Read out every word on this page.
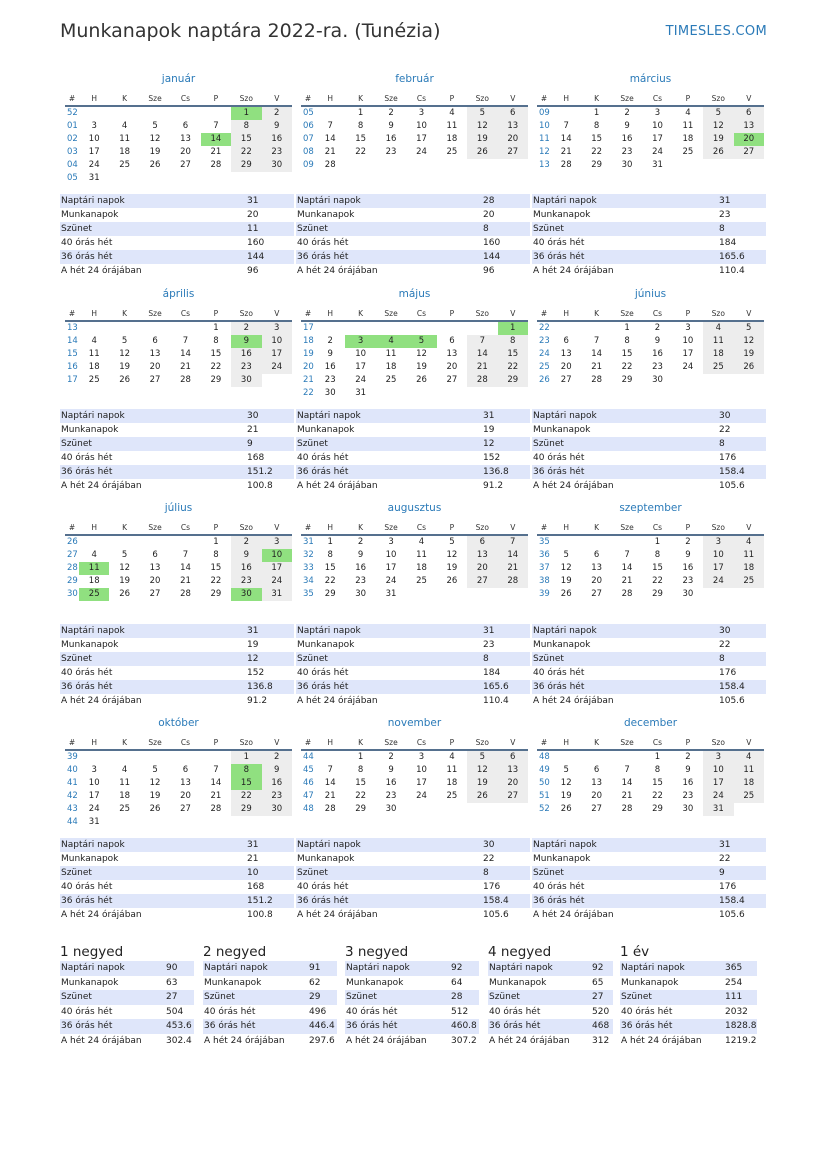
Munkanapok naptára 2022-ra. (Tunézia)	TIMESLES.COM
január
#	H	K	Sze	Cs	P	Szo	V
52						1	2
01	3	4	5	6	7	8	9
02	10	11	12	13	14	15	16
03	17	18	19	20	21	22	23
04	24	25	26	27	28	29	30
05	31						
Naptári napok	31
Munkanapok	20
Szünet	11
40 órás hét	160
36 órás hét	144
A hét 24 órájában	96
február
#	H	K	Sze	Cs	P	Szo	V
05		1	2	3	4	5	6
06	7	8	9	10	11	12	13
07	14	15	16	17	18	19	20
08	21	22	23	24	25	26	27
09	28						
Naptári napok	28
Munkanapok	20
Szünet	8
40 órás hét	160
36 órás hét	144
A hét 24 órájában	96
március
#	H	K	Sze	Cs	P	Szo	V
09		1	2	3	4	5	6
10	7	8	9	10	11	12	13
11	14	15	16	17	18	19	20
12	21	22	23	24	25	26	27
13	28	29	30	31			
Naptári napok	31
Munkanapok	23
Szünet	8
40 órás hét	184
36 órás hét	165.6
A hét 24 órájában	110.4
április
#	H	K	Sze	Cs	P	Szo	V
13					1	2	3
14	4	5	6	7	8	9	10
15	11	12	13	14	15	16	17
16	18	19	20	21	22	23	24
17	25	26	27	28	29	30	
Naptári napok	30
Munkanapok	21
Szünet	9
40 órás hét	168
36 órás hét	151.2
A hét 24 órájában	100.8
május
#	H	K	Sze	Cs	P	Szo	V
17							1
18	2	3	4	5	6	7	8
19	9	10	11	12	13	14	15
20	16	17	18	19	20	21	22
21	23	24	25	26	27	28	29
22	30	31					
Naptári napok	31
Munkanapok	19
Szünet	12
40 órás hét	152
36 órás hét	136.8
A hét 24 órájában	91.2
június
#	H	K	Sze	Cs	P	Szo	V
22			1	2	3	4	5
23	6	7	8	9	10	11	12
24	13	14	15	16	17	18	19
25	20	21	22	23	24	25	26
26	27	28	29	30			
Naptári napok	30
Munkanapok	22
Szünet	8
40 órás hét	176
36 órás hét	158.4
A hét 24 órájában	105.6
július
#	H	K	Sze	Cs	P	Szo	V
26					1	2	3
27	4	5	6	7	8	9	10
28	11	12	13	14	15	16	17
29	18	19	20	21	22	23	24
30	25	26	27	28	29	30	31
Naptári napok	31
Munkanapok	19
Szünet	12
40 órás hét	152
36 órás hét	136.8
A hét 24 órájában	91.2
augusztus
#	H	K	Sze	Cs	P	Szo	V
31	1	2	3	4	5	6	7
32	8	9	10	11	12	13	14
33	15	16	17	18	19	20	21
34	22	23	24	25	26	27	28
35	29	30	31				
Naptári napok	31
Munkanapok	23
Szünet	8
40 órás hét	184
36 órás hét	165.6
A hét 24 órájában	110.4
szeptember
#	H	K	Sze	Cs	P	Szo	V
35				1	2	3	4
36	5	6	7	8	9	10	11
37	12	13	14	15	16	17	18
38	19	20	21	22	23	24	25
39	26	27	28	29	30		
Naptári napok	30
Munkanapok	22
Szünet	8
40 órás hét	176
36 órás hét	158.4
A hét 24 órájában	105.6
október
#	H	K	Sze	Cs	P	Szo	V
39						1	2
40	3	4	5	6	7	8	9
41	10	11	12	13	14	15	16
42	17	18	19	20	21	22	23
43	24	25	26	27	28	29	30
44	31						
Naptári napok	31
Munkanapok	21
Szünet	10
40 órás hét	168
36 órás hét	151.2
A hét 24 órájában	100.8
november
#	H	K	Sze	Cs	P	Szo	V
44		1	2	3	4	5	6
45	7	8	9	10	11	12	13
46	14	15	16	17	18	19	20
47	21	22	23	24	25	26	27
48	28	29	30				
Naptári napok	30
Munkanapok	22
Szünet	8
40 órás hét	176
36 órás hét	158.4
A hét 24 órájában	105.6
december
#	H	K	Sze	Cs	P	Szo	V
48				1	2	3	4
49	5	6	7	8	9	10	11
50	12	13	14	15	16	17	18
51	19	20	21	22	23	24	25
52	26	27	28	29	30	31	
Naptári napok	31
Munkanapok	22
Szünet	9
40 órás hét	176
36 órás hét	158.4
A hét 24 órájában	105.6
1 negyed
Naptári napok	90
Munkanapok	63
Szünet	27
40 órás hét	504
36 órás hét	453.6
A hét 24 órájában	302.4
2 negyed
Naptári napok	91
Munkanapok	62
Szünet	29
40 órás hét	496
36 órás hét	446.4
A hét 24 órájában	297.6
3 negyed
Naptári napok	92
Munkanapok	64
Szünet	28
40 órás hét	512
36 órás hét	460.8
A hét 24 órájában	307.2
4 negyed
Naptári napok	92
Munkanapok	65
Szünet	27
40 órás hét	520
36 órás hét	468
A hét 24 órájában 312
1 év
Naptári napok	365
Munkanapok	254
Szünet	111
40 órás hét	2032
36 órás hét	1828.8
A hét 24 órájában	1219.2
